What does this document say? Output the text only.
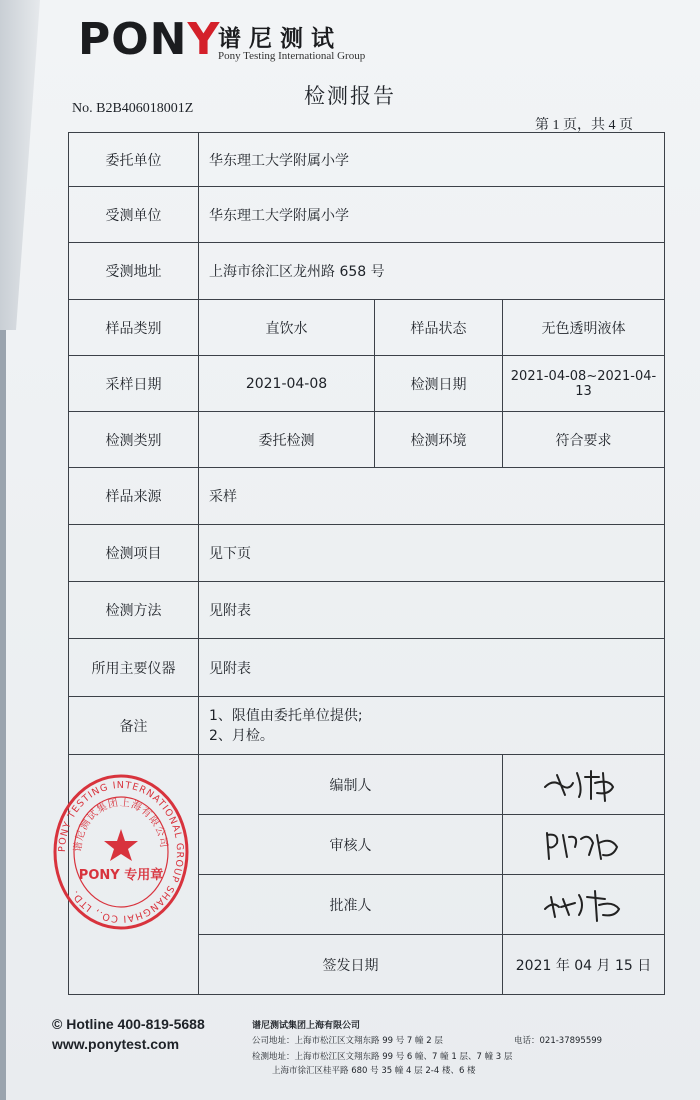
PONY
谱尼测试
Pony Testing International Group
检测报告
No. B2B406018001Z
第 1 页，共 4 页
委托单位	华东理工大学附属小学		
受测单位	华东理工大学附属小学		
受测地址	上海市徐汇区龙州路 658 号		
样品类别	直饮水	样品状态	无色透明液体
采样日期	2021-04-08	检测日期	2021-04-08~2021-04-13
检测类别	委托检测	检测环境	符合要求
样品来源	采样		
检测项目	见下页		
检测方法	见附表		
所用主要仪器	见附表		
备注	1、限值由委托单位提供;
2、月检。		

	编制人	

	审核人	

	批准人	

	签发日期		2021 年 04 月 15 日
PONY TESTING INTERNATIONAL GROUP SHANGHAI CO., LTD.
谱尼测试集团上海有限公司
PONY 专用章
© Hotline 400-819-5688
www.ponytest.com
谱尼测试集团上海有限公司
公司地址：上海市松江区文翔东路 99 号 7 幢 2 层	电话：021-37895599
检测地址：上海市松江区文翔东路 99 号 6 幢、7 幢 1 层、7 幢 3 层
上海市徐汇区桂平路 680 号 35 幢 4 层 2-4 楼、6 楼
